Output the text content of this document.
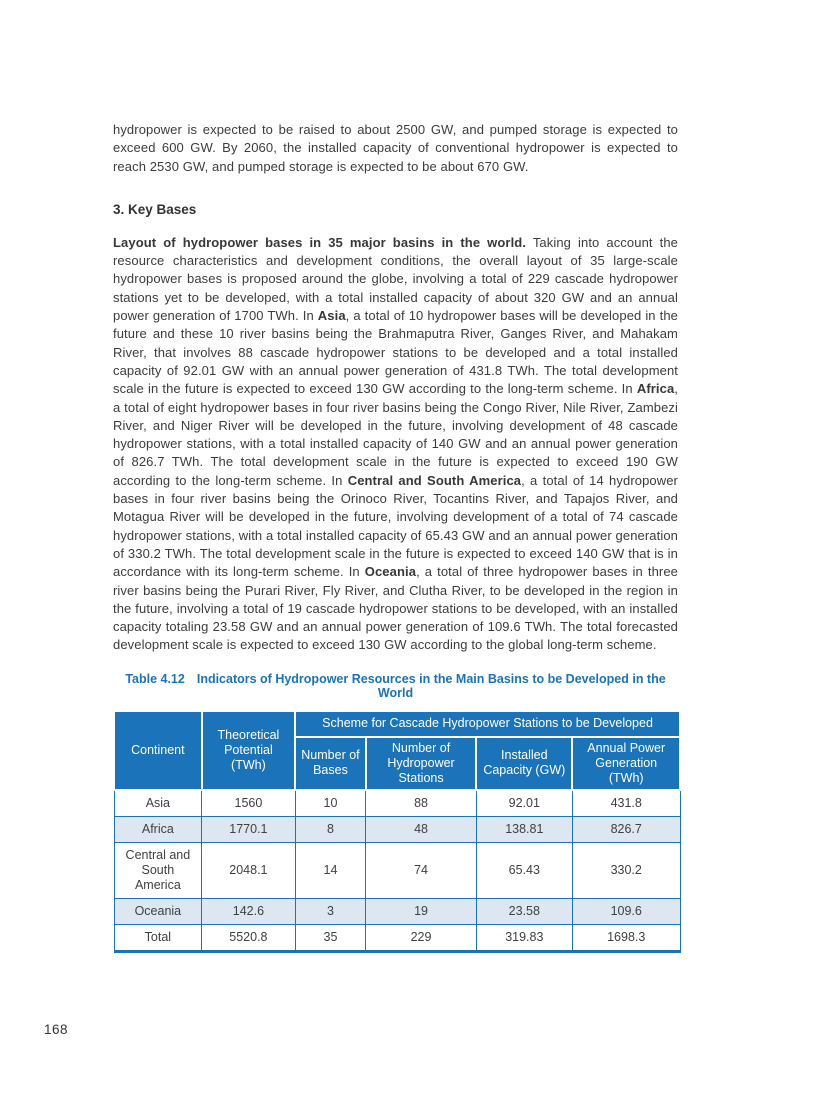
hydropower is expected to be raised to about 2500 GW, and pumped storage is expected to exceed 600 GW. By 2060, the installed capacity of conventional hydropower is expected to reach 2530 GW, and pumped storage is expected to be about 670 GW.

3. Key Bases

Layout of hydropower bases in 35 major basins in the world. Taking into account the resource characteristics and development conditions, the overall layout of 35 large-scale hydropower bases is proposed around the globe, involving a total of 229 cascade hydropower stations yet to be developed, with a total installed capacity of about 320 GW and an annual power generation of 1700 TWh. In Asia, a total of 10 hydropower bases will be developed in the future and these 10 river basins being the Brahmaputra River, Ganges River, and Mahakam River, that involves 88 cascade hydropower stations to be developed and a total installed capacity of 92.01 GW with an annual power generation of 431.8 TWh. The total development scale in the future is expected to exceed 130 GW according to the long-term scheme. In Africa, a total of eight hydropower bases in four river basins being the Congo River, Nile River, Zambezi River, and Niger River will be developed in the future, involving development of 48 cascade hydropower stations, with a total installed capacity of 140 GW and an annual power generation of 826.7 TWh. The total development scale in the future is expected to exceed 190 GW according to the long-term scheme. In Central and South America, a total of 14 hydropower bases in four river basins being the Orinoco River, Tocantins River, and Tapajos River, and Motagua River will be developed in the future, involving development of a total of 74 cascade hydropower stations, with a total installed capacity of 65.43 GW and an annual power generation of 330.2 TWh. The total development scale in the future is expected to exceed 140 GW that is in accordance with its long-term scheme. In Oceania, a total of three hydropower bases in three river basins being the Purari River, Fly River, and Clutha River, to be developed in the region in the future, involving a total of 19 cascade hydropower stations to be developed, with an installed capacity totaling 23.58 GW and an annual power generation of 109.6 TWh. The total forecasted development scale is expected to exceed 130 GW according to the global long-term scheme.

Table 4.12 Indicators of Hydropower Resources in the Main Basins to be Developed in the World
Continent	Theoretical Potential (TWh)	Scheme for Cascade Hydropower Stations to be Developed			
		Number of Bases	Number of Hydropower Stations	Installed Capacity (GW)	Annual Power Generation (TWh)
Asia	1560	10	88	92.01	431.8
Africa	1770.1	8	48	138.81	826.7
Central and South America	2048.1	14	74	65.43	330.2
Oceania	142.6	3	19	23.58	109.6
Total	5520.8	35	229	319.83	1698.3
168
